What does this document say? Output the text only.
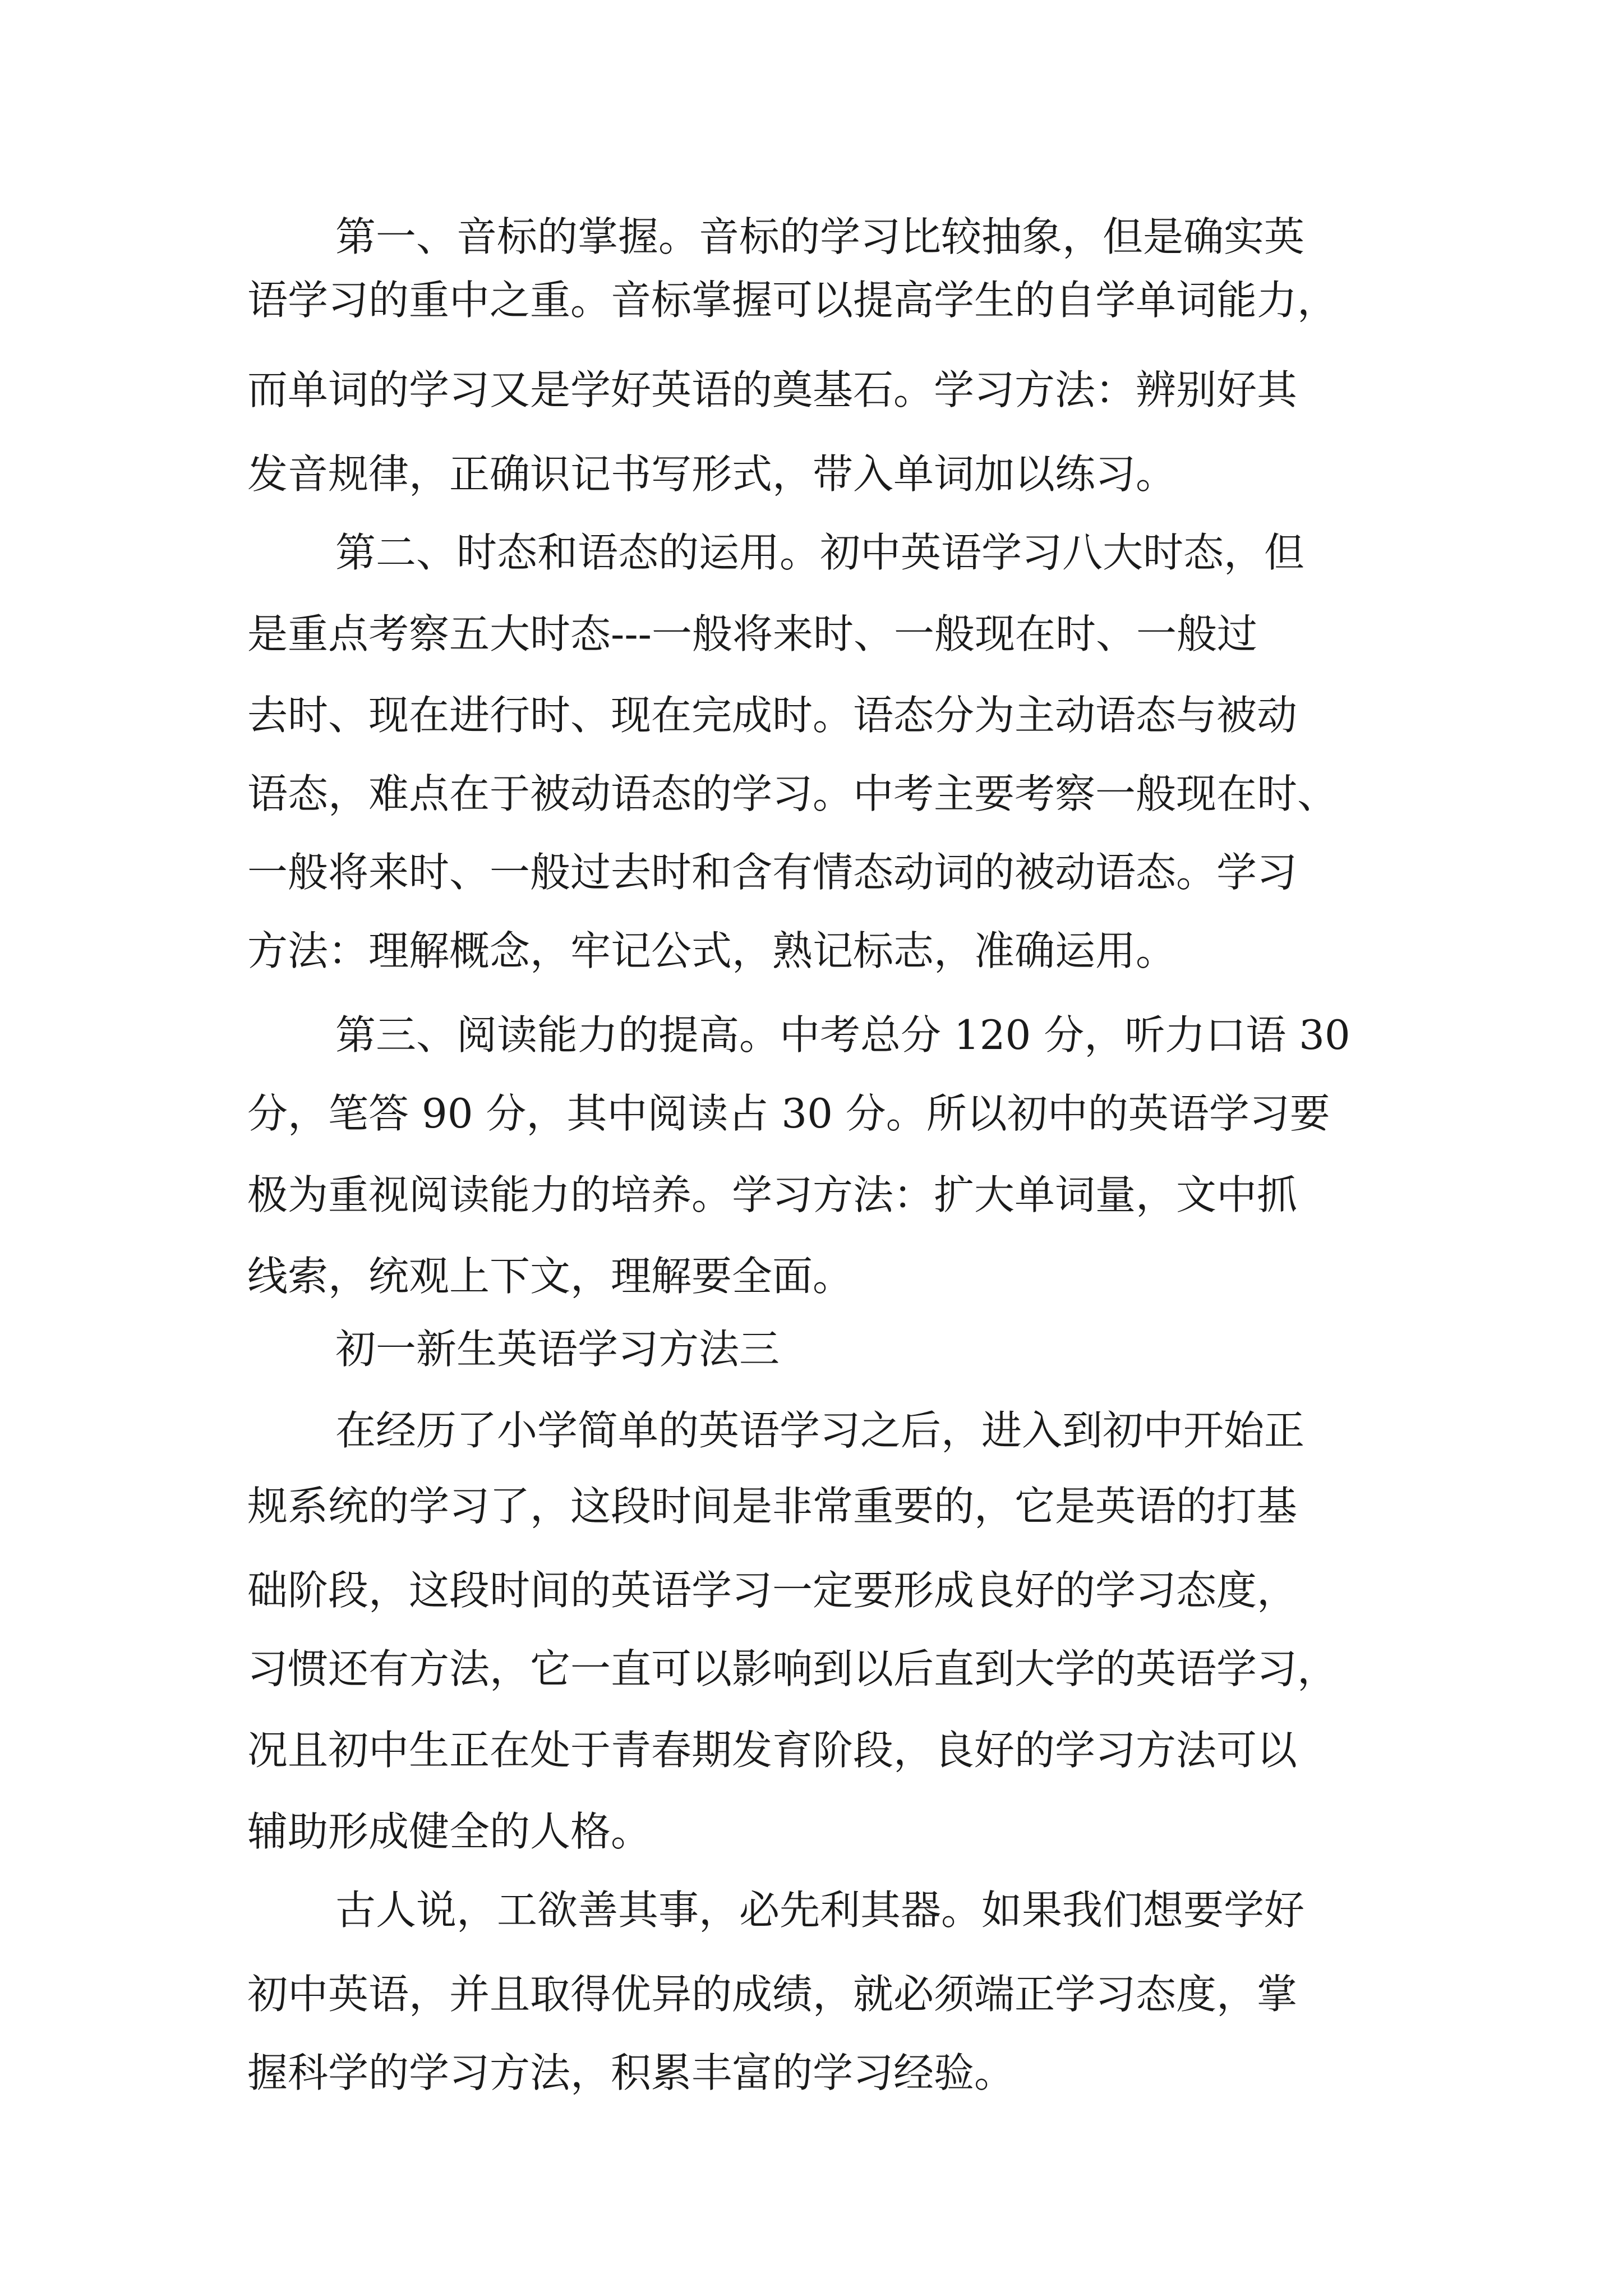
第一、音标的掌握。音标的学习比较抽象，但是确实英
语学习的重中之重。音标掌握可以提高学生的自学单词能力，
而单词的学习又是学好英语的奠基石。学习方法：辨别好其
发音规律，正确识记书写形式，带入单词加以练习。
第二、时态和语态的运用。初中英语学习八大时态，但
是重点考察五大时态---一般将来时、一般现在时、一般过
去时、现在进行时、现在完成时。语态分为主动语态与被动
语态，难点在于被动语态的学习。中考主要考察一般现在时、
一般将来时、一般过去时和含有情态动词的被动语态。学习
方法：理解概念，牢记公式，熟记标志，准确运用。
第三、阅读能力的提高。中考总分 120 分，听力口语 30
分，笔答 90 分，其中阅读占 30 分。所以初中的英语学习要
极为重视阅读能力的培养。学习方法：扩大单词量，文中抓
线索，统观上下文，理解要全面。
初一新生英语学习方法三
在经历了小学简单的英语学习之后，进入到初中开始正
规系统的学习了，这段时间是非常重要的，它是英语的打基
础阶段，这段时间的英语学习一定要形成良好的学习态度，
习惯还有方法，它一直可以影响到以后直到大学的英语学习，
况且初中生正在处于青春期发育阶段，良好的学习方法可以
辅助形成健全的人格。
古人说，工欲善其事，必先利其器。如果我们想要学好
初中英语，并且取得优异的成绩，就必须端正学习态度，掌
握科学的学习方法，积累丰富的学习经验。
